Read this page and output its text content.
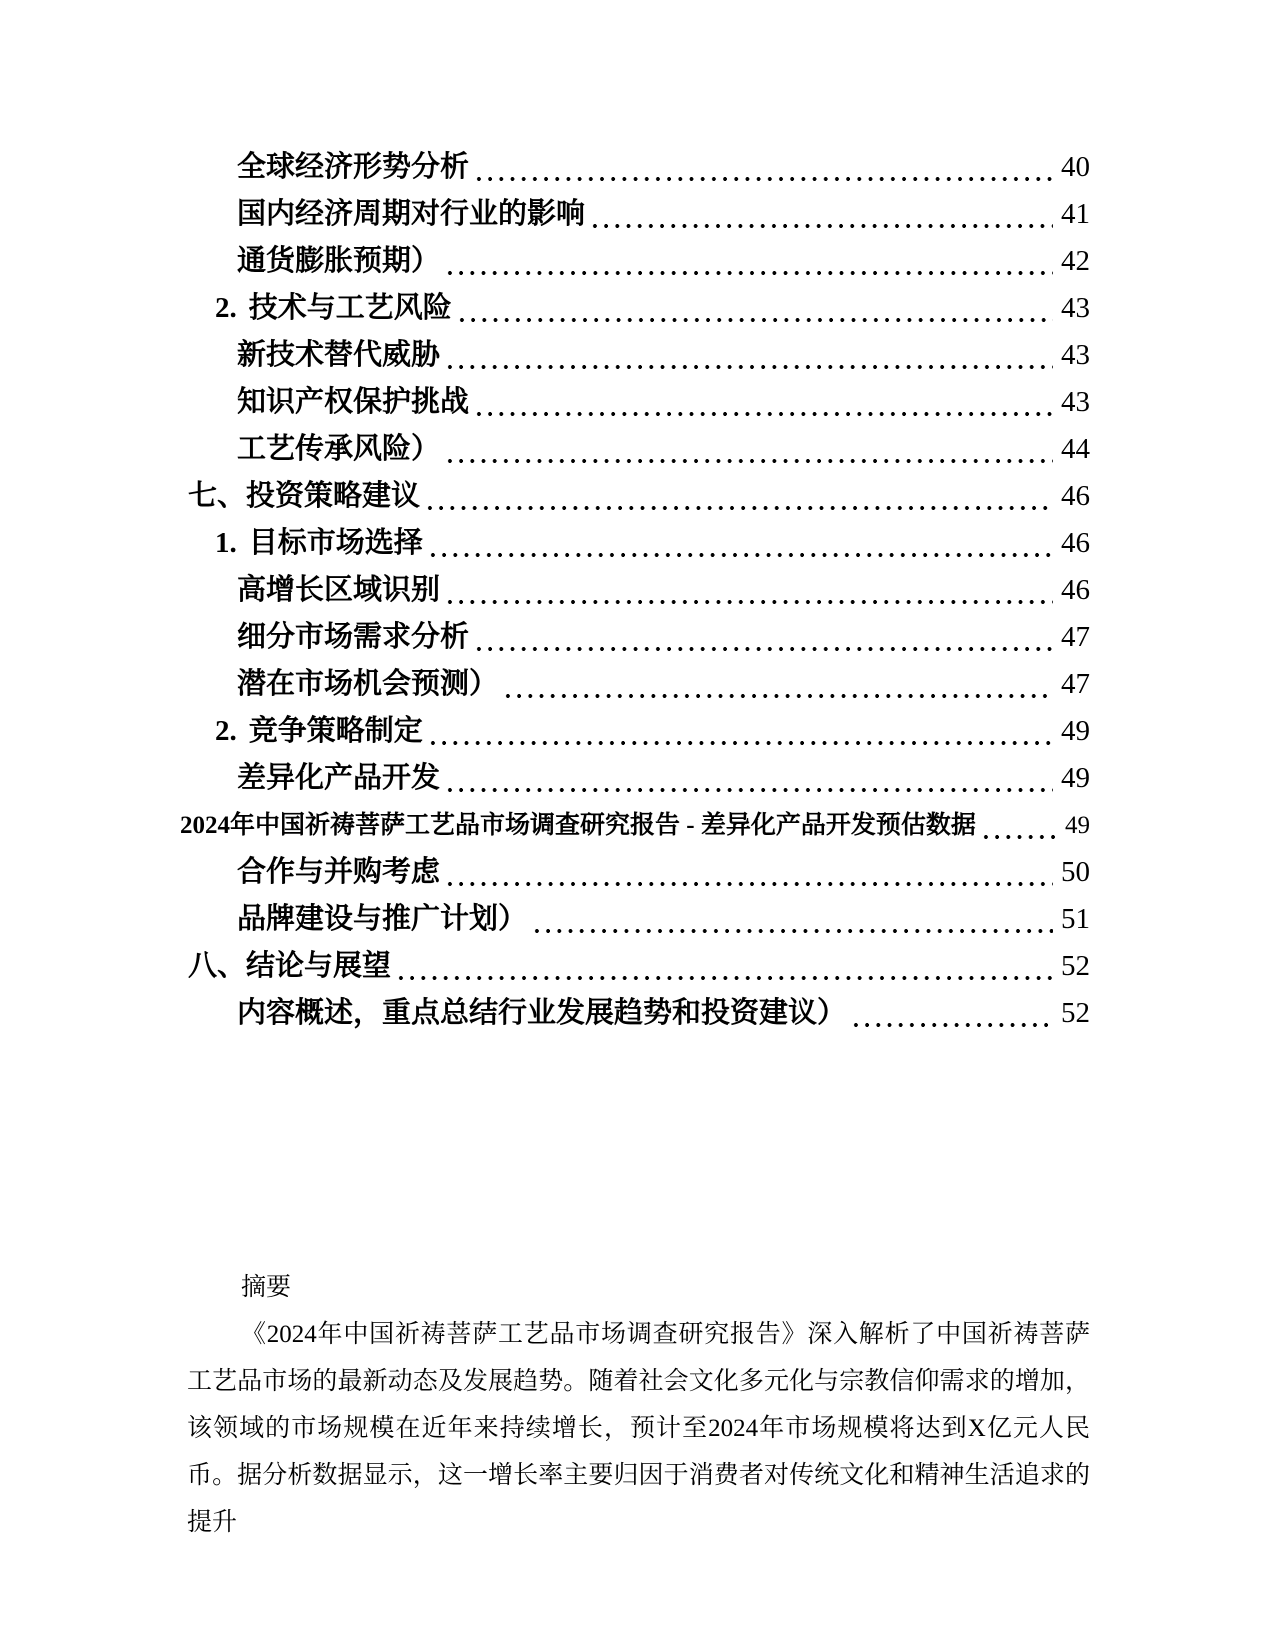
全球经济形势分析	40
国内经济周期对行业的影响	41
通货膨胀预期）	42
2. 技术与工艺风险	43
新技术替代威胁	43
知识产权保护挑战	43
工艺传承风险）	44
七、投资策略建议	46
1. 目标市场选择	46
高增长区域识别	46
细分市场需求分析	47
潜在市场机会预测）	47
2. 竞争策略制定	49
差异化产品开发	49
2024年中国祈祷菩萨工艺品市场调查研究报告 - 差异化产品开发预估数据	49
合作与并购考虑	50
品牌建设与推广计划）	51
八、结论与展望	52
内容概述，重点总结行业发展趋势和投资建议）	52

摘要

《2024年中国祈祷菩萨工艺品市场调查研究报告》深入解析了中国祈祷菩萨工艺品市场的最新动态及发展趋势。随着社会文化多元化与宗教信仰需求的增加，该领域的市场规模在近年来持续增长，预计至2024年市场规模将达到X亿元人民币。据分析数据显示，这一增长率主要归因于消费者对传统文化和精神生活追求的提升
